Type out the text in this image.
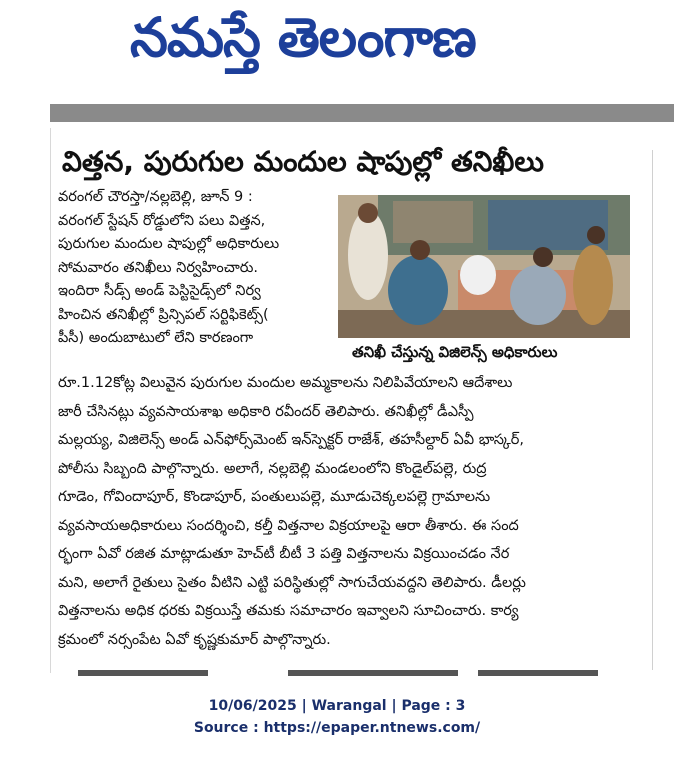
నమస్తే తెలంగాణ
విత్తన, పురుగుల మందుల షాపుల్లో తనిఖీలు
తనిఖీ చేస్తున్న విజిలెన్స్ అధికారులు
వరంగల్ చౌరస్తా/నల్లబెల్లి, జూన్ 9 :
వరంగల్ స్టేషన్ రోడ్డులోని పలు విత్తన,
పురుగుల మందుల షాపుల్లో అధికారులు
సోమవారం తనిఖీలు నిర్వహించారు.
ఇందిరా సీడ్స్ అండ్ పెస్టిసైడ్స్‌లో నిర్వ
హించిన తనిఖీల్లో ప్రిన్సిపల్ సర్టిఫికెట్స్(
పీసీ) అందుబాటులో లేని కారణంగా
రూ.1.12కోట్ల విలువైన పురుగుల మందుల అమ్మకాలను నిలిపివేయాలని ఆదేశాలు
జారీ చేసినట్లు వ్యవసాయశాఖ అధికారి రవీందర్ తెలిపారు. తనిఖీల్లో డీఎస్పీ
మల్లయ్య, విజిలెన్స్ అండ్ ఎన్‌ఫోర్స్‌మెంట్ ఇన్‌స్పెక్టర్ రాజేశ్, తహసీల్దార్ ఏవీ భాస్కర్,
పోలీసు సిబ్బంది పాల్గొన్నారు. అలాగే, నల్లబెల్లి మండలంలోని కొండైల్‌పల్లె, రుద్ర
గూడెం, గోవిందాపూర్, కొండాపూర్, పంతులుపల్లె, మూడుచెక్కలపల్లె గ్రామాలను
వ్యవసాయఅధికారులు సందర్శించి, కల్తీ విత్తనాల విక్రయాలపై ఆరా తీశారు. ఈ సంద
ర్భంగా ఏవో రజిత మాట్లాడుతూ హెచ్‌టీ బీటీ 3 పత్తి విత్తనాలను విక్రయించడం నేర
మని, అలాగే రైతులు సైతం వీటిని ఎట్టి పరిస్థితుల్లో సాగుచేయవద్దని తెలిపారు. డీలర్లు
విత్తనాలను అధిక ధరకు విక్రయిస్తే తమకు సమాచారం ఇవ్వాలని సూచించారు. కార్య
క్రమంలో నర్సంపేట ఏవో కృష్ణకుమార్ పాల్గొన్నారు.
10/06/2025 | Warangal | Page : 3
Source : https://epaper.ntnews.com/
